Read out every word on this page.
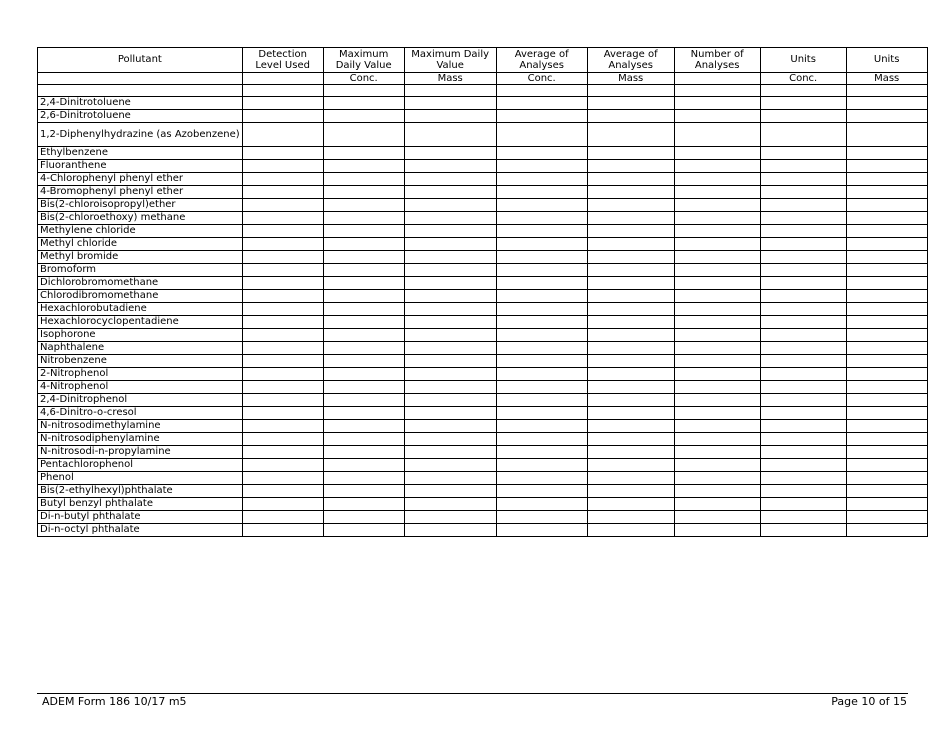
Pollutant	Detection Level Used	Maximum Daily Value	Maximum Daily Value	Average of Analyses	Average of Analyses	Number of Analyses	Units	Units
		Conc.	Mass	Conc.	Mass		Conc.	Mass

2,4-Dinitrotoluene								
2,6-Dinitrotoluene								
1,2-Diphenylhydrazine (as Azobenzene)								
Ethylbenzene								
Fluoranthene								
4-Chlorophenyl phenyl ether								
4-Bromophenyl phenyl ether								
Bis(2-chloroisopropyl)ether								
Bis(2-chloroethoxy) methane								
Methylene chloride								
Methyl chloride								
Methyl bromide								
Bromoform								
Dichlorobromomethane								
Chlorodibromomethane								
Hexachlorobutadiene								
Hexachlorocyclopentadiene								
Isophorone								
Naphthalene								
Nitrobenzene								
2-Nitrophenol								
4-Nitrophenol								
2,4-Dinitrophenol								
4,6-Dinitro-o-cresol								
N-nitrosodimethylamine								
N-nitrosodiphenylamine								
N-nitrosodi-n-propylamine								
Pentachlorophenol								
Phenol								
Bis(2-ethylhexyl)phthalate								
Butyl benzyl phthalate								
Di-n-butyl phthalate								
Di-n-octyl phthalate								
ADEM Form 186 10/17 m5	Page 10 of 15
